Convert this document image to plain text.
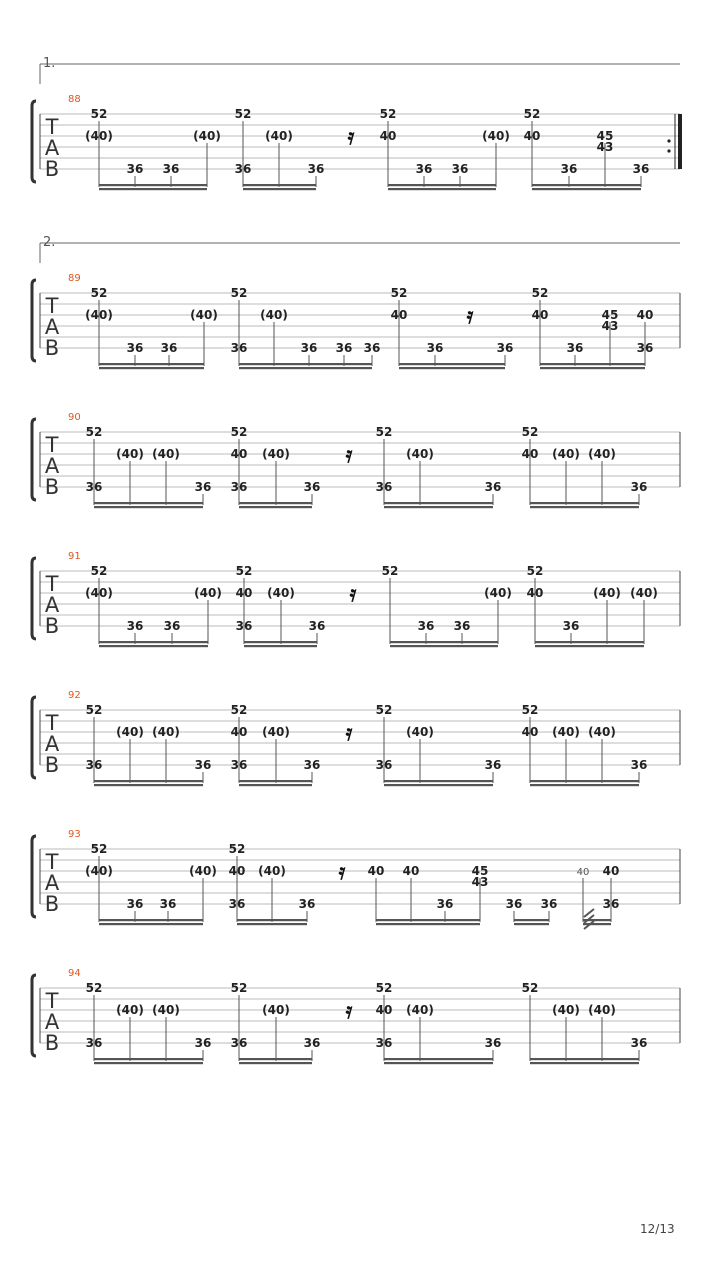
1.
2.
T
A
B
88
52
(40)
36 36
(40)
52
36
(40)
36
𝄿
52
40
36 36
(40)
52
40
36
45
43
36
T
A
B
89
52
(40)
36 36
(40)
52
36
(40)
36 36 36
𝄿
52
40
36	36
52
40
36
45
43
40
36
T
A
B
90
52
36
(40) (40)
36
52
40
36
(40)
36
𝄿
52
36
(40)
36
52
40 (40) (40)
36
T
A
B
91
52
(40)
36 36
(40)
52
40
36
(40)
36
𝄿
52
36 36
(40)
52
40
36
(40) (40)
T
A
B
92
52
36
(40) (40)
36
52
40
36
(40)
36
𝄿
52
36
(40)
36
52
40 (40) (40)
36
T
A
B
93
52
(40)
36 36
(40)
52
40
36
(40)
36
𝄿 40 40
36
45
43
36 36
40 40
36
T
A
B
94
52
36
(40) (40)
36
52
36
(40)
36
𝄿
52
40
36
(40)
36
52
(40) (40)
36
12/13
